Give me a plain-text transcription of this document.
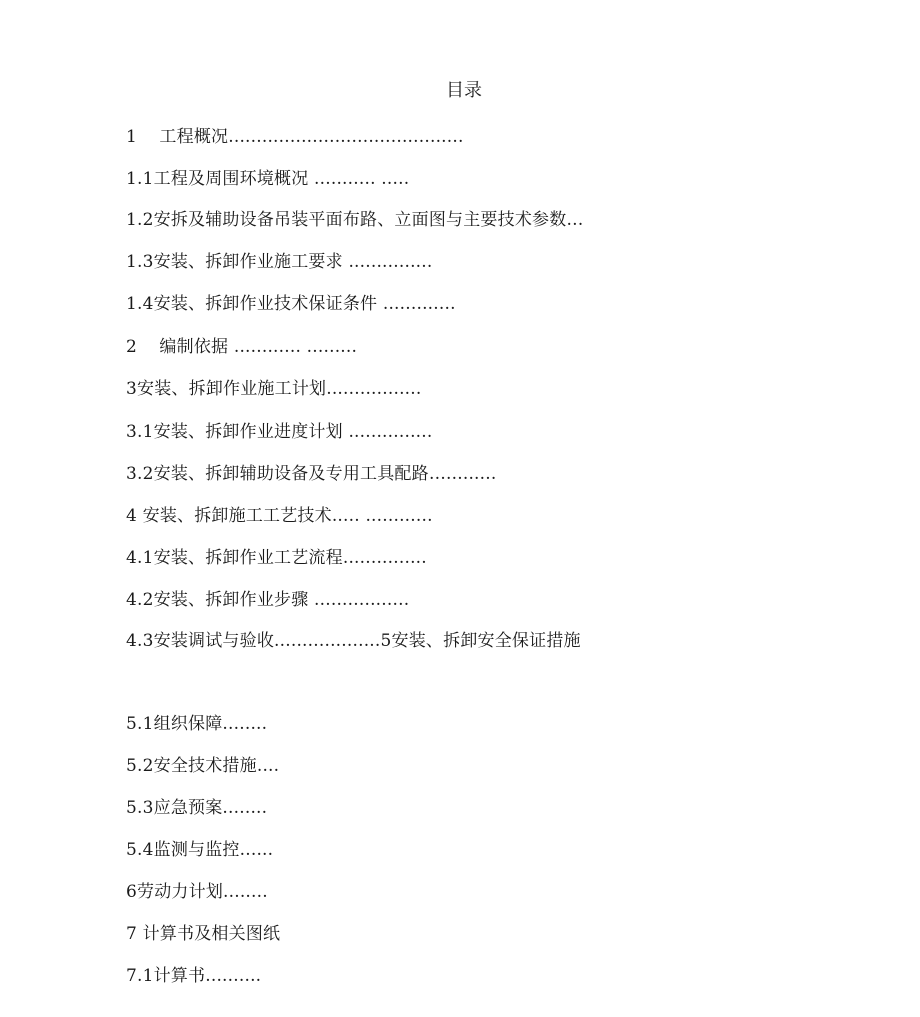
目录
1    工程概况..........................................
1.1工程及周围环境概况 ........... .....
1.2安拆及辅助设备吊装平面布路、立面图与主要技术参数…
1.3安装、拆卸作业施工要求 ...............
1.4安装、拆卸作业技术保证条件 .............
2    编制依据 ............ .........
3安装、拆卸作业施工计划.................
3.1安装、拆卸作业进度计划 ...............
3.2安装、拆卸辅助设备及专用工具配路….........
4 安装、拆卸施工工艺技术..... ............
4.1安装、拆卸作业工艺流程...............
4.2安装、拆卸作业步骤 .................
4.3安装调试与验收...................5安装、拆卸安全保证措施
5.1组织保障........
5.2安全技术措施....
5.3应急预案........
5.4监测与监控......
6劳动力计划........
7 计算书及相关图纸
7.1计算书..........
